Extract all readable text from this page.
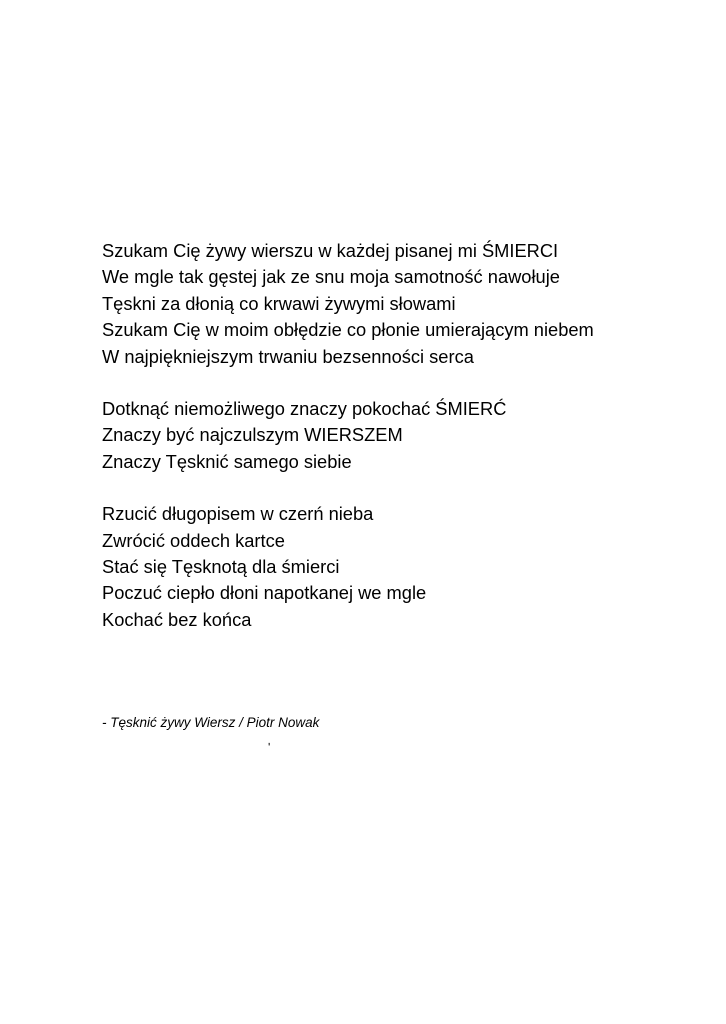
Szukam Cię żywy wierszu w każdej pisanej mi ŚMIERCI
We mgle tak gęstej jak ze snu moja samotność nawołuje
Tęskni za dłonią co krwawi żywymi słowami
Szukam Cię w moim obłędzie co płonie umierającym niebem
W najpiękniejszym trwaniu bezsenności serca

Dotknąć niemożliwego znaczy pokochać ŚMIERĆ
Znaczy być najczulszym WIERSZEM
Znaczy Tęsknić samego siebie

Rzucić długopisem w czerń nieba
Zwrócić oddech kartce
Stać się Tęsknotą dla śmierci
Poczuć ciepło dłoni napotkanej we mgle
Kochać bez końca

- Tęsknić żywy Wiersz / Piotr Nowak
ʹ
